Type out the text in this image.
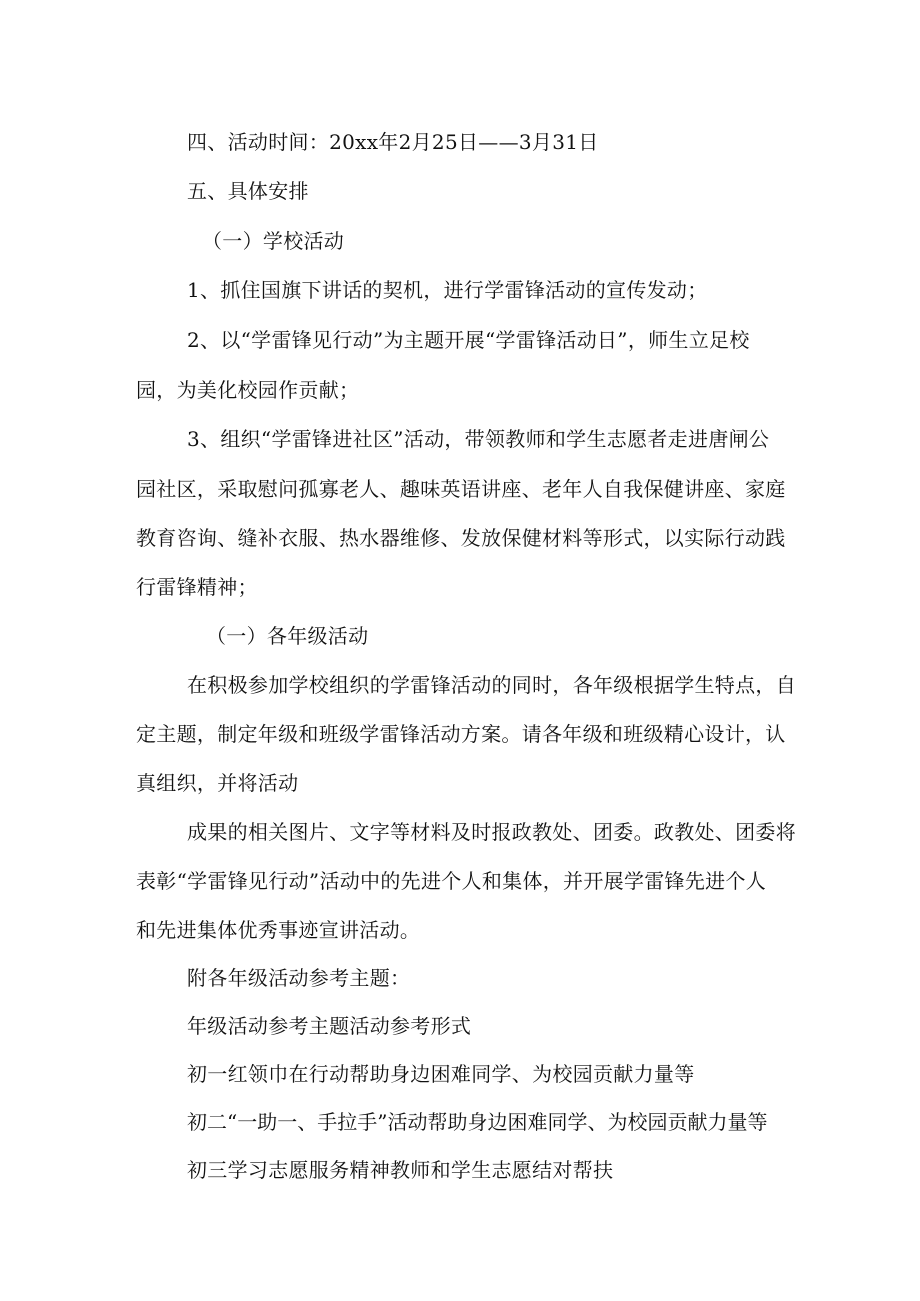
四、活动时间：20xx年2月25日——3月31日
五、具体安排
（一）学校活动
1、抓住国旗下讲话的契机，进行学雷锋活动的宣传发动；
2、以“学雷锋见行动”为主题开展“学雷锋活动日”，师生立足校
园，为美化校园作贡献；
3、组织“学雷锋进社区”活动，带领教师和学生志愿者走进唐闸公
园社区，采取慰问孤寡老人、趣味英语讲座、老年人自我保健讲座、家庭
教育咨询、缝补衣服、热水器维修、发放保健材料等形式，以实际行动践
行雷锋精神；
（一）各年级活动
在积极参加学校组织的学雷锋活动的同时，各年级根据学生特点，自
定主题，制定年级和班级学雷锋活动方案。请各年级和班级精心设计，认
真组织，并将活动
成果的相关图片、文字等材料及时报政教处、团委。政教处、团委将
表彰“学雷锋见行动”活动中的先进个人和集体，并开展学雷锋先进个人
和先进集体优秀事迹宣讲活动。
附各年级活动参考主题：
年级活动参考主题活动参考形式
初一红领巾在行动帮助身边困难同学、为校园贡献力量等
初二“一助一、手拉手”活动帮助身边困难同学、为校园贡献力量等
初三学习志愿服务精神教师和学生志愿结对帮扶
